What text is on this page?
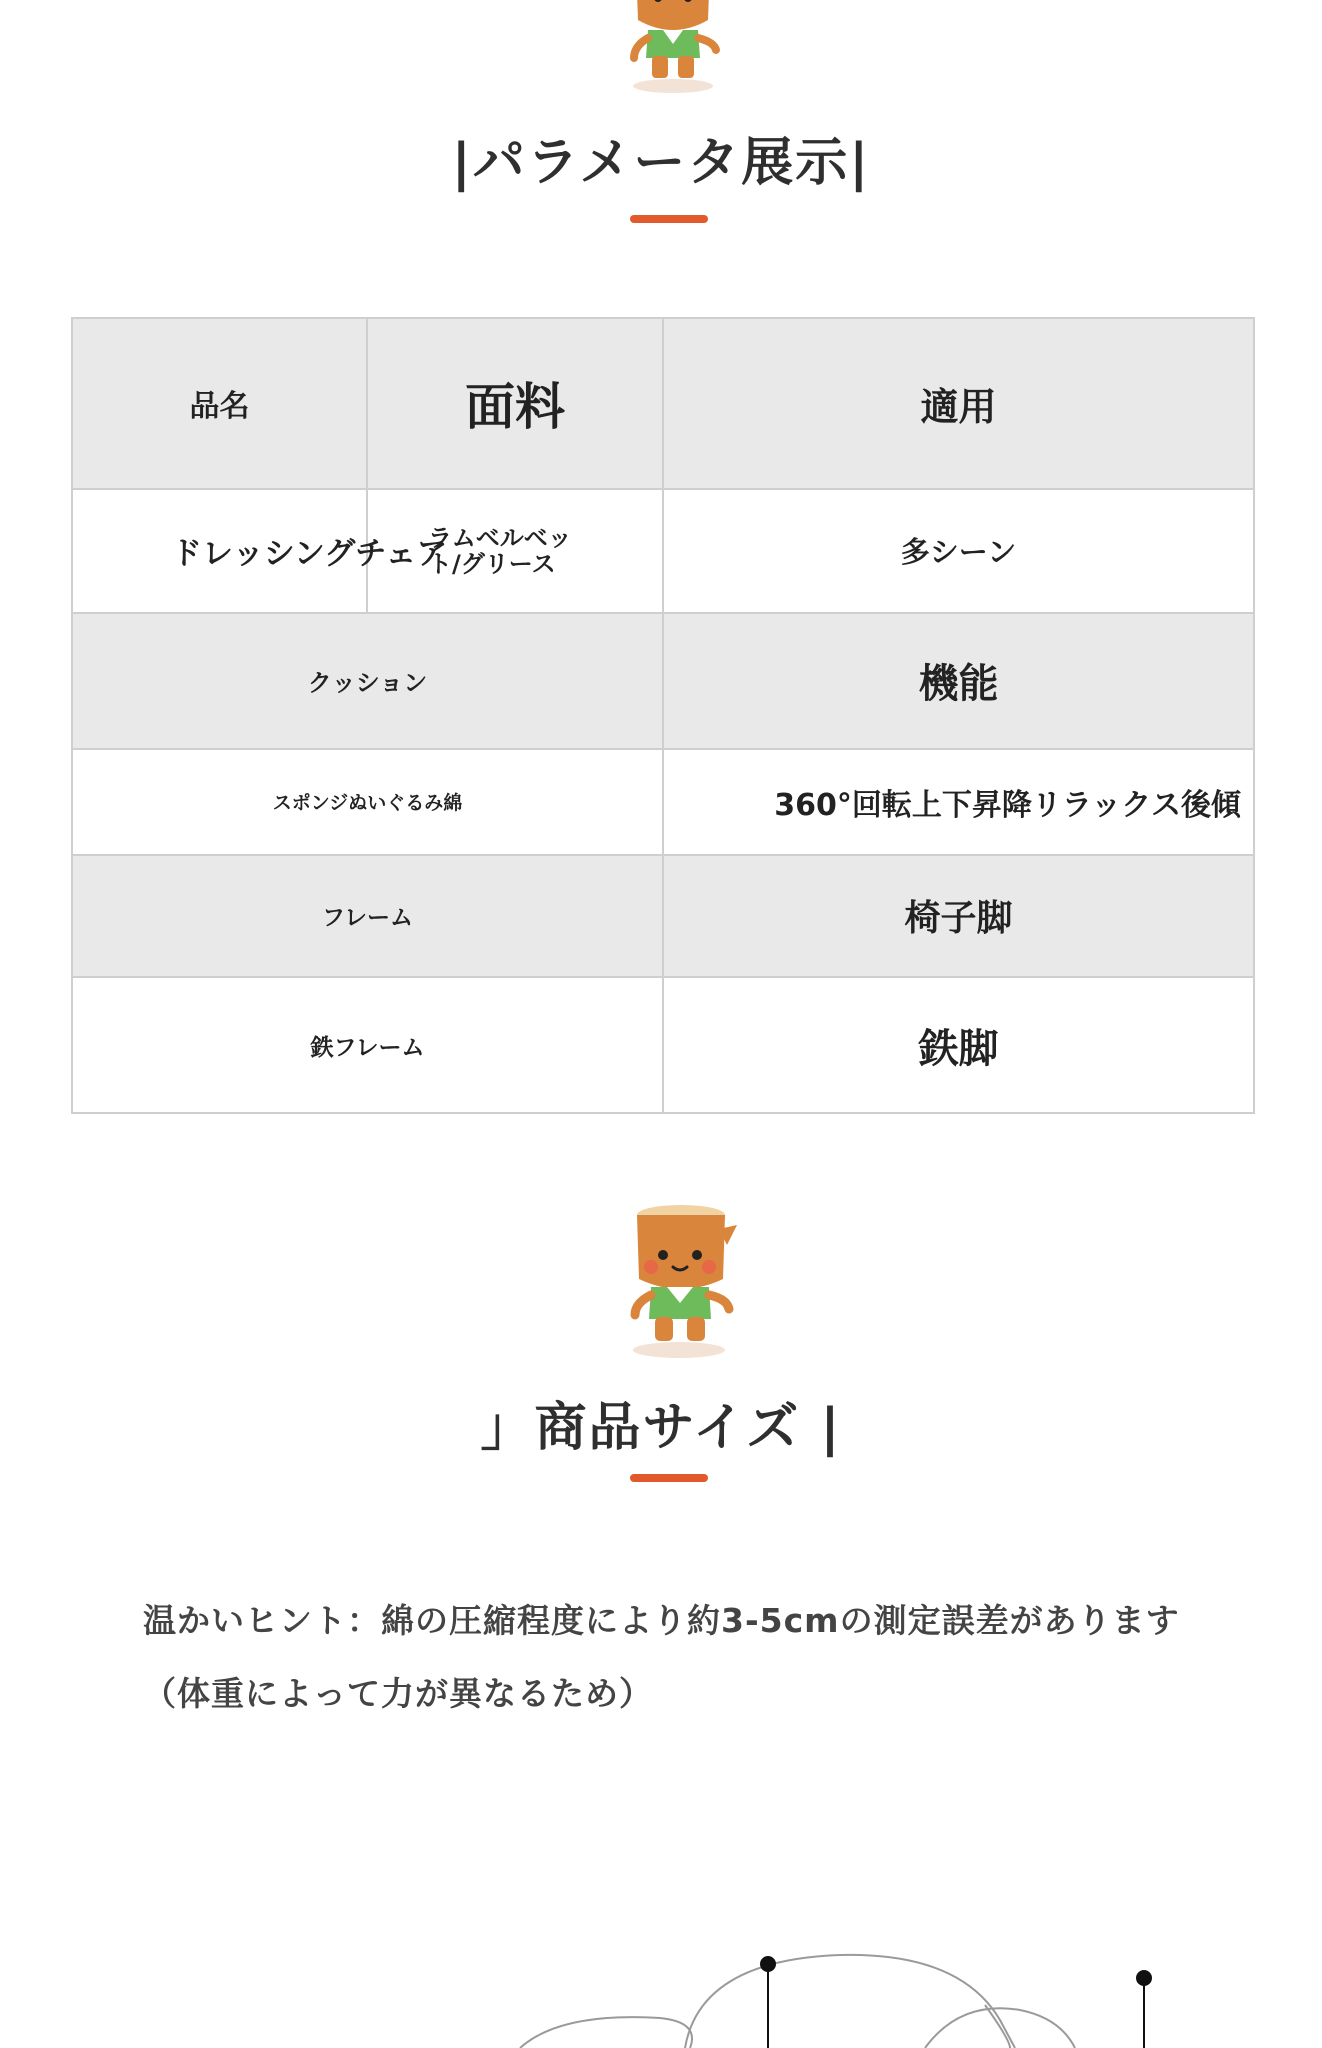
|パラメータ展示|
品名	面料	適用
ドレッシングチェア	ラムベルベット/グリース	多シーン
クッション		機能
スポンジぬいぐるみ綿		360°回転上下昇降リラックス後傾
フレーム		椅子脚
鉄フレーム		鉄脚
」商品サイズ |
温かいヒント：綿の圧縮程度により約3-5cmの測定誤差があります
（体重によって力が異なるため）
